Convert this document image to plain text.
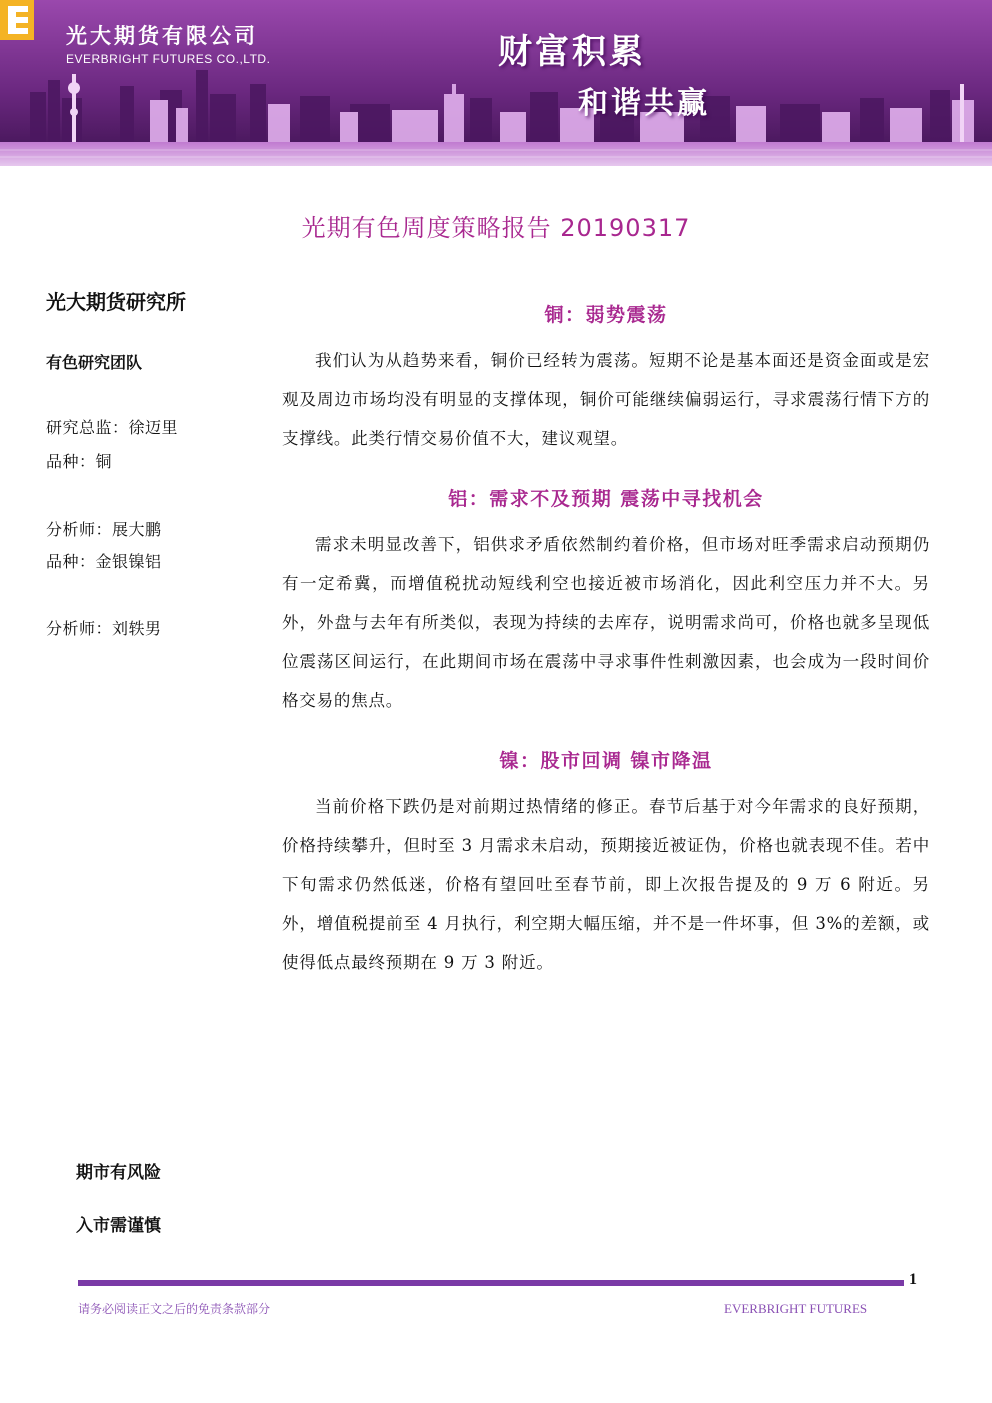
光大期货有限公司
EVERBRIGHT FUTURES CO.,LTD.	财富积累
和谐共赢
光期有色周度策略报告 20190317
光大期货研究所
有色研究团队
研究总监：徐迈里
品种：铜
分析师：展大鹏
品种：金银镍铝
分析师：刘轶男
铜：弱势震荡

我们认为从趋势来看，铜价已经转为震荡。短期不论是基本面还是资金面或是宏观及周边市场均没有明显的支撑体现，铜价可能继续偏弱运行，寻求震荡行情下方的支撑线。此类行情交易价值不大，建议观望。

铝：需求不及预期 震荡中寻找机会

需求未明显改善下，铝供求矛盾依然制约着价格，但市场对旺季需求启动预期仍有一定希冀，而增值税扰动短线利空也接近被市场消化，因此利空压力并不大。另外，外盘与去年有所类似，表现为持续的去库存，说明需求尚可，价格也就多呈现低位震荡区间运行，在此期间市场在震荡中寻求事件性刺激因素，也会成为一段时间价格交易的焦点。

镍：股市回调 镍市降温

当前价格下跌仍是对前期过热情绪的修正。春节后基于对今年需求的良好预期，价格持续攀升，但时至 3 月需求未启动，预期接近被证伪，价格也就表现不佳。若中下旬需求仍然低迷，价格有望回吐至春节前，即上次报告提及的 9 万 6 附近。另外，增值税提前至 4 月执行，利空期大幅压缩，并不是一件坏事，但 3%的差额，或使得低点最终预期在 9 万 3 附近。

期市有风险
入市需谨慎
1
请务必阅读正文之后的免责条款部分	EVERBRIGHT FUTURES
